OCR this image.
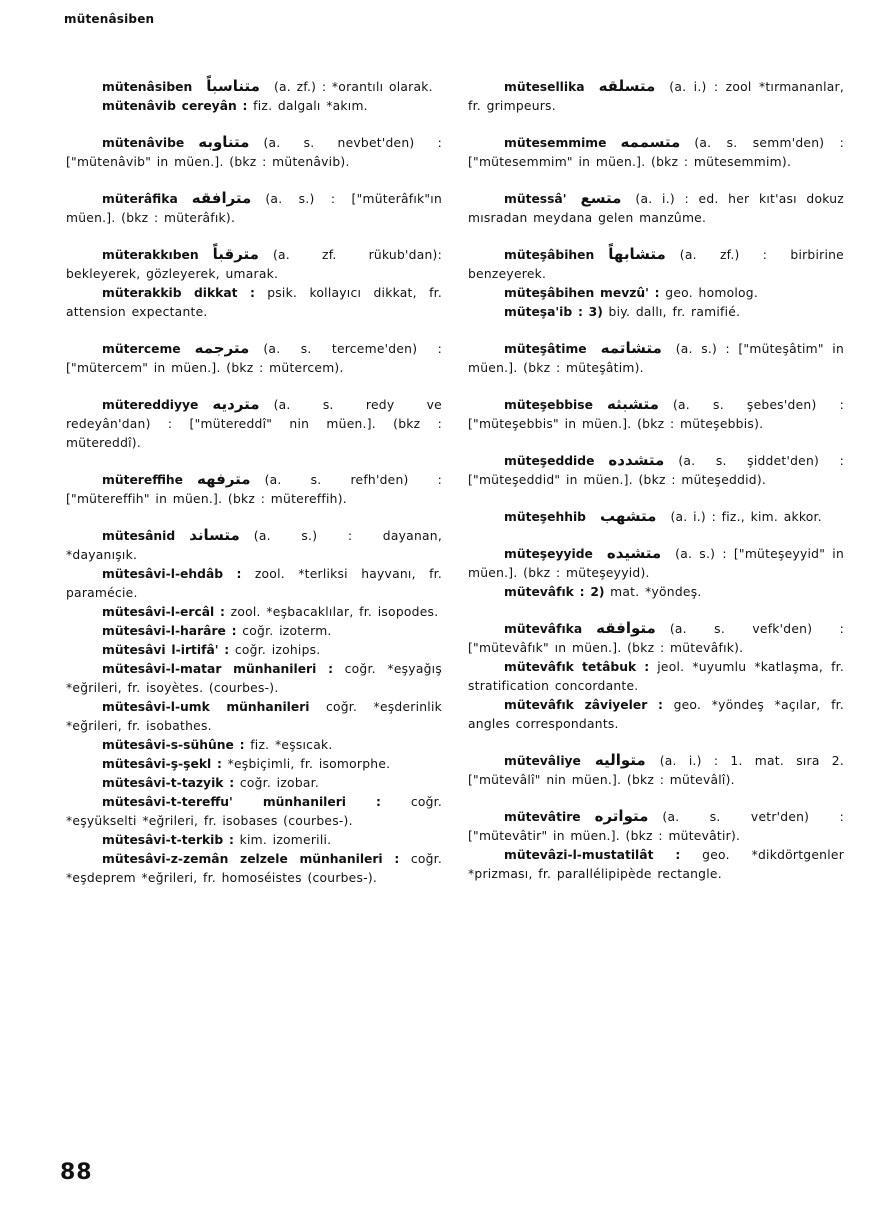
mütenâsiben
mütenâsiben متناسباً (a. zf.) : *orantılı olarak.
mütenâvib cereyân : fiz. dalgalı *akım.
mütenâvibe متناوبه (a. s. nevbet'den) : ["mütenâvib" in müen.]. (bkz : mütenâvib).
müterâfika مترافقه (a. s.) : ["müterâfık"ın müen.]. (bkz : müterâfık).
müterakkıben مترقباً (a. zf. rükub'dan): bekleyerek, gözleyerek, umarak.
müterakkib dikkat : psik. kollayıcı dikkat, fr. attension expectante.
müterceme مترجمه (a. s. terceme'den) : ["mütercem" in müen.]. (bkz : mütercem).
mütereddiyye متردیه (a. s. redy ve redeyân'dan) : ["mütereddî" nin müen.]. (bkz : mütereddî).
mütereffihe مترفهه (a. s. refh'den) : ["mütereffih" in müen.]. (bkz : mütereffih).
mütesânid متساند (a. s.) : dayanan, *dayanışık.
mütesâvi-l-ehdâb : zool. *terliksi hayvanı, fr. paramécie.
mütesâvi-l-ercâl : zool. *eşbacaklılar, fr. isopodes.
mütesâvi-l-harâre : coğr. izoterm.
mütesâvi l-irtifâ' : coğr. izohips.
mütesâvi-l-matar münhanileri : coğr. *eşyağış *eğrileri, fr. isoyètes. (courbes-).
mütesâvi-l-umk münhanileri coğr. *eşderinlik *eğrileri, fr. isobathes.
mütesâvi-s-sühûne : fiz. *eşsıcak.
mütesâvi-ş-şekl : *eşbiçimli, fr. isomorphe.
mütesâvi-t-tazyik : coğr. izobar.
mütesâvi-t-tereffu' münhanileri : coğr. *eşyükselti *eğrileri, fr. isobases (courbes-).
mütesâvi-t-terkib : kim. izomerili.
mütesâvi-z-zemân zelzele münhanileri : coğr. *eşdeprem *eğrileri, fr. homoséistes (courbes-).
mütesellika متسلقه (a. i.) : zool *tırmananlar, fr. grimpeurs.
mütesemmime متسممه (a. s. semm'den) : ["mütesemmim" in müen.]. (bkz : mütesemmim).
mütessâ' متسع (a. i.) : ed. her kıt'ası dokuz mısradan meydana gelen manzûme.
müteşâbihen متشابهاً (a. zf.) : birbirine benzeyerek.
müteşâbihen mevzû' : geo. homolog.
müteşa'ib : 3) biy. dallı, fr. ramifié.
müteşâtime متشاتمه (a. s.) : ["müteşâtim" in müen.]. (bkz : müteşâtim).
müteşebbise متشبثه (a. s. şebes'den) : ["müteşebbis" in müen.]. (bkz : müteşebbis).
müteşeddide متشدده (a. s. şiddet'den) : ["müteşeddid" in müen.]. (bkz : müteşeddid).
müteşehhib متشهب (a. i.) : fiz., kim. akkor.
müteşeyyide متشیده (a. s.) : ["müteşeyyid" in müen.]. (bkz : müteşeyyid).
mütevâfık : 2) mat. *yöndeş.
mütevâfıka متوافقه (a. s. vefk'den) : ["mütevâfık" ın müen.]. (bkz : mütevâfık).
mütevâfık tetâbuk : jeol. *uyumlu *katlaşma, fr. stratification concordante.
mütevâfık zâviyeler : geo. *yöndeş *açılar, fr. angles correspondants.
mütevâliye متوالیه (a. i.) : 1. mat. sıra 2. ["mütevâlî" nin müen.]. (bkz : mütevâlî).
mütevâtire متواتره (a. s. vetr'den) : ["mütevâtir" in müen.]. (bkz : mütevâtir).
mütevâzi-l-mustatilât : geo. *dikdörtgenler *prizması, fr. parallélipipède rectangle.
88
